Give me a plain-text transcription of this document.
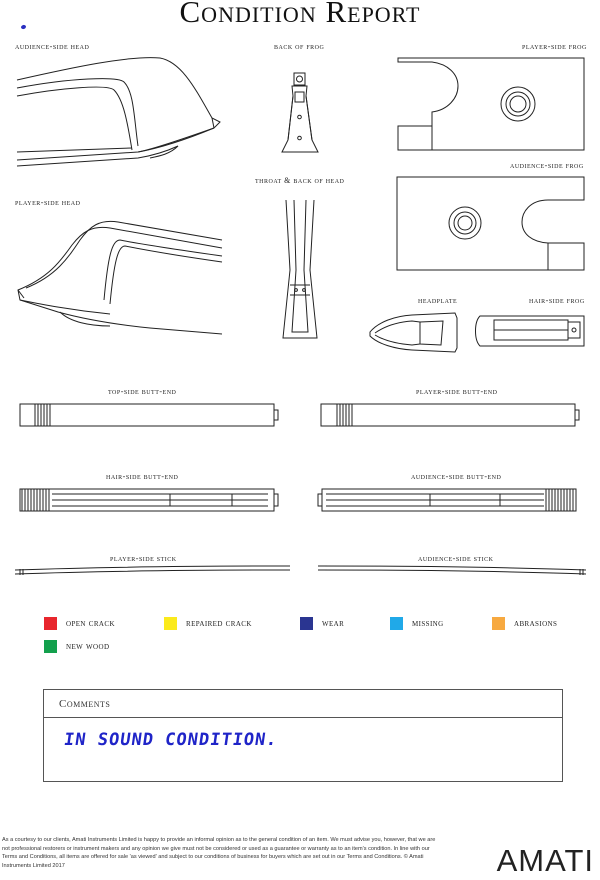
Condition Report
audience-side head	back of frog	player-side frog
audience-side frog
throat & back of head
player-side head
headplate	hair-side frog
top-side butt-end	player-side butt-end
hair-side butt-end	audience-side butt-end
player-side stick	audience-side stick
open crack	repaired crack	wear	missing	abrasions
new wood
Comments
IN SOUND CONDITION.
As a courtesy to our clients, Amati Instruments Limited is happy to provide an informal opinion as to the general condition of an item. We must advise you, however, that we are not professional restorers or instrument makers and any opinion we give must not be considered or used as a guarantee or warranty as to an item's condition. In line with our Terms and Conditions, all items are offered for sale 'as viewed' and subject to our conditions of business for buyers which are set out in our Terms and Conditions. © Amati Instruments Limited 2017	AMATI
